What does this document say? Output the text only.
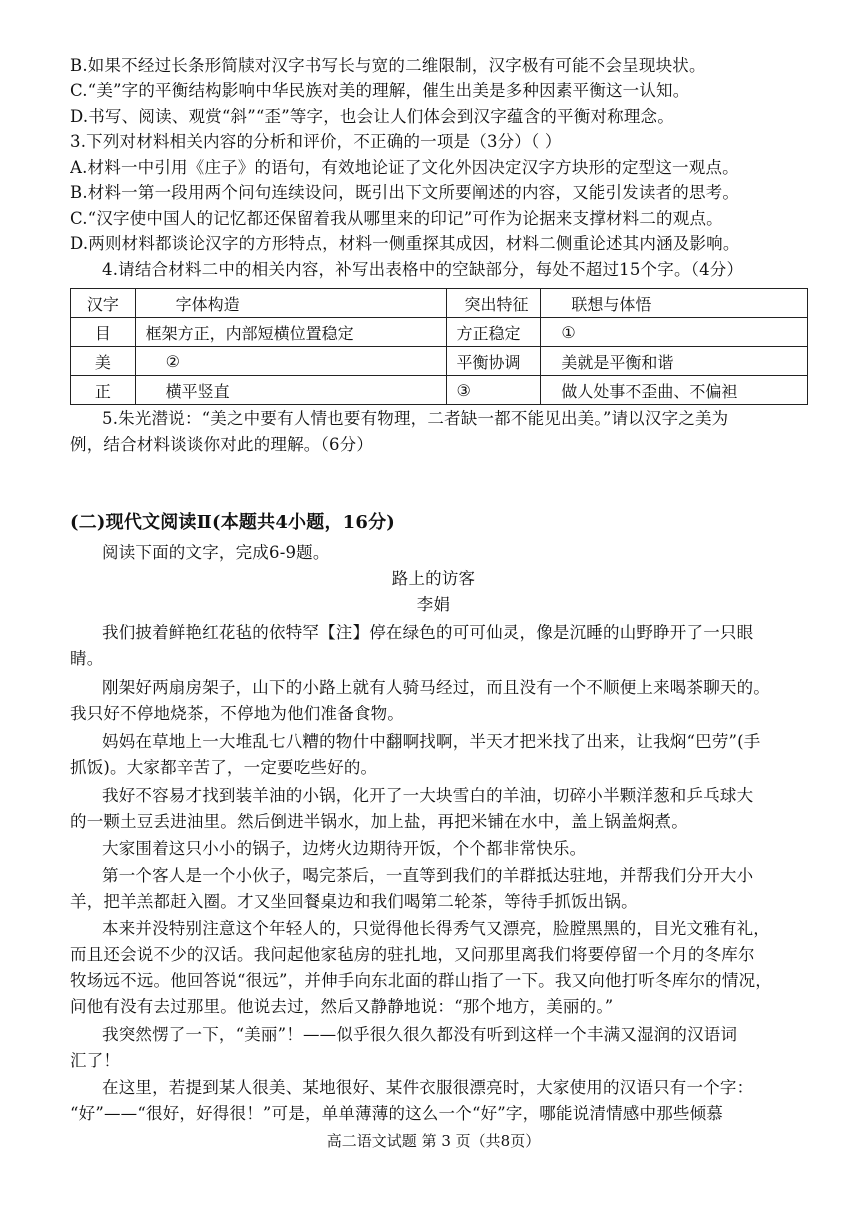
B.如果不经过长条形简牍对汉字书写长与宽的二维限制，汉字极有可能不会呈现块状。
C.“美”字的平衡结构影响中华民族对美的理解，催生出美是多种因素平衡这一认知。
D.书写、阅读、观赏“斜”“歪”等字，也会让人们体会到汉字蕴含的平衡对称理念。
3.下列对材料相关内容的分析和评价，不正确的一项是（3分）（ ）
A.材料一中引用《庄子》的语句，有效地论证了文化外因决定汉字方块形的定型这一观点。
B.材料一第一段用两个问句连续设问，既引出下文所要阐述的内容，又能引发读者的思考。
C.“汉字使中国人的记忆都还保留着我从哪里来的印记”可作为论据来支撑材料二的观点。
D.两则材料都谈论汉字的方形特点，材料一侧重探其成因，材料二侧重论述其内涵及影响。
4.请结合材料二中的相关内容，补写出表格中的空缺部分，每处不超过15个字。（4分）
汉字	字体构造	突出特征	联想与体悟
目	框架方正，内部短横位置稳定	方正稳定	①
美	②	平衡协调	美就是平衡和谐
正	横平竖直	③	做人处事不歪曲、不偏袒
5.朱光潜说：“美之中要有人情也要有物理，二者缺一都不能见出美。”请以汉字之美为
例，结合材料谈谈你对此的理解。（6分）
(二)现代文阅读Ⅱ(本题共4小题，16分)
阅读下面的文字，完成6-9题。
路上的访客
李娟
我们披着鲜艳红花毡的依特罕【注】停在绿色的可可仙灵，像是沉睡的山野睁开了一只眼
睛。
刚架好两扇房架子，山下的小路上就有人骑马经过，而且没有一个不顺便上来喝茶聊天的。
我只好不停地烧茶，不停地为他们准备食物。
妈妈在草地上一大堆乱七八糟的物什中翻啊找啊，半天才把米找了出来，让我焖“巴劳”(手
抓饭)。大家都辛苦了，一定要吃些好的。
我好不容易才找到装羊油的小锅，化开了一大块雪白的羊油，切碎小半颗洋葱和乒乓球大
的一颗土豆丢进油里。然后倒进半锅水，加上盐，再把米铺在水中，盖上锅盖焖煮。
大家围着这只小小的锅子，边烤火边期待开饭，个个都非常快乐。
第一个客人是一个小伙子，喝完茶后，一直等到我们的羊群抵达驻地，并帮我们分开大小
羊，把羊羔都赶入圈。才又坐回餐桌边和我们喝第二轮茶，等待手抓饭出锅。
本来并没特别注意这个年轻人的，只觉得他长得秀气又漂亮，脸膛黑黑的，目光文雅有礼，
而且还会说不少的汉话。我问起他家毡房的驻扎地，又问那里离我们将要停留一个月的冬库尔
牧场远不远。他回答说“很远”，并伸手向东北面的群山指了一下。我又向他打听冬库尔的情况，
问他有没有去过那里。他说去过，然后又静静地说：“那个地方，美丽的。”
我突然愣了一下，“美丽”！——似乎很久很久都没有听到这样一个丰满又湿润的汉语词
汇了！
在这里，若提到某人很美、某地很好、某件衣服很漂亮时，大家使用的汉语只有一个字：
“好”——“很好，好得很！”可是，单单薄薄的这么一个“好”字，哪能说清情感中那些倾慕
高二语文试题 第 3 页（共8页）
